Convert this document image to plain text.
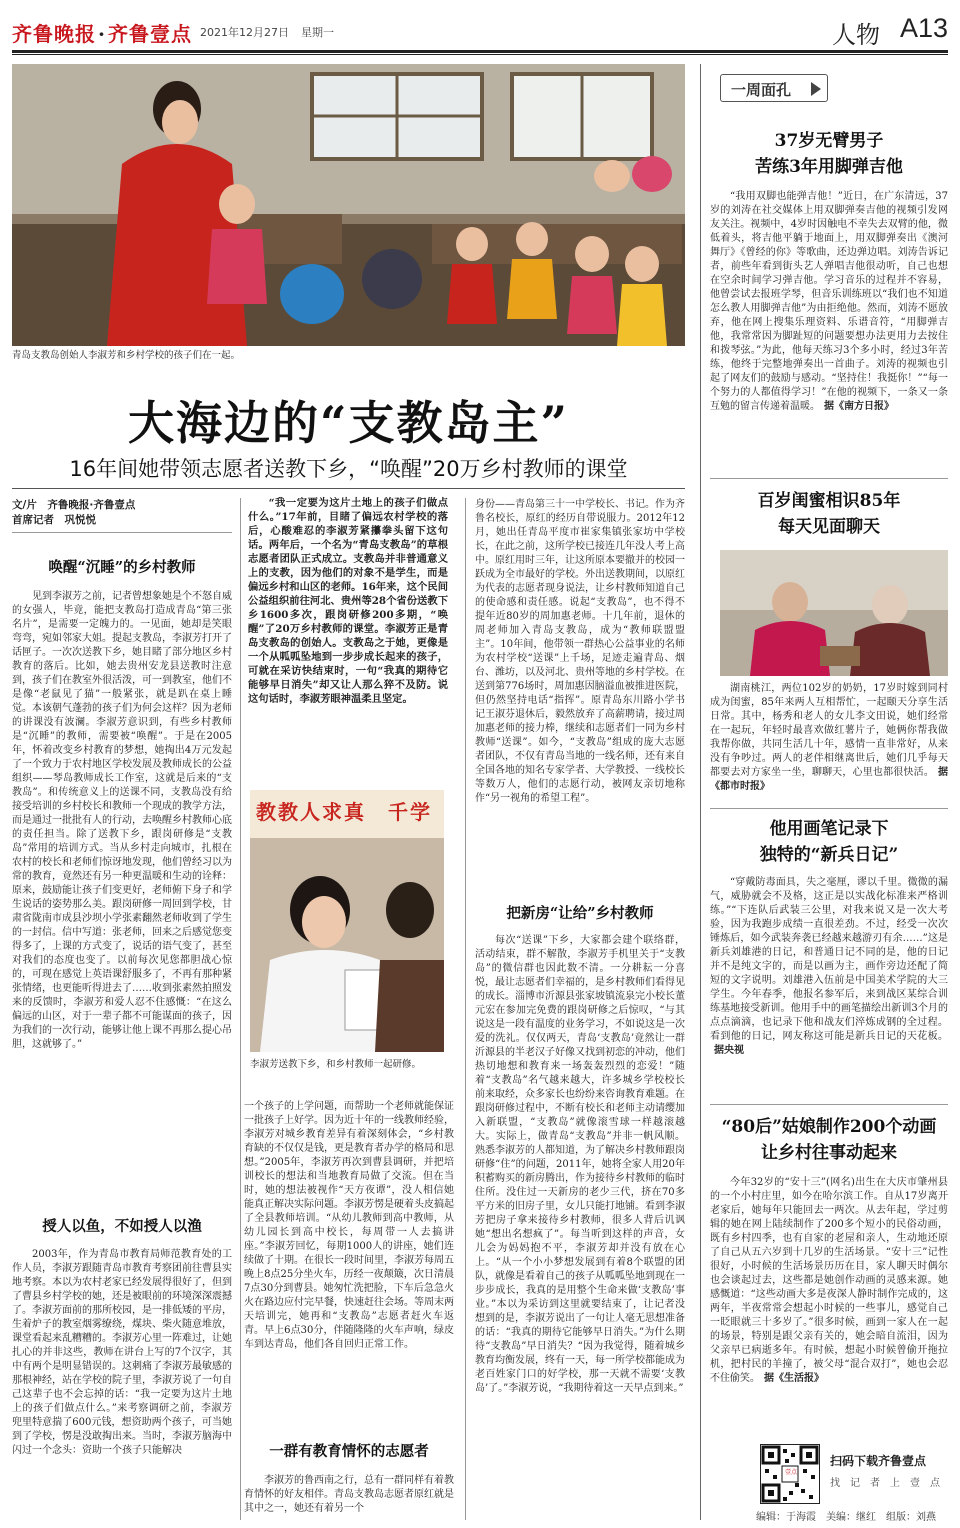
齐鲁晚报 · 齐鲁壹点 2021年12月27日 星期一	人物 A13
青岛支教岛创始人李淑芳和乡村学校的孩子们在一起。
大海边的“支教岛主”
16年间她带领志愿者送教下乡，“唤醒”20万乡村教师的课堂
文/片　齐鲁晚报·齐鲁壹点
首席记者　巩悦悦
唤醒“沉睡”的乡村教师

见到李淑芳之前，记者曾想象她是个不怒自威的女强人，毕竟，能把支教岛打造成青岛“第三张名片”，是需要一定魄力的。一见面，她却是笑眼弯弯，宛如邻家大姐。提起支教岛，李淑芳打开了话匣子。一次次送教下乡，她目睹了部分地区乡村教育的落后。比如，她去贵州安龙县送教时注意到，孩子们在教室外很活泼，可一到教室，他们不是像“老鼠见了猫”一般紧张，就是趴在桌上睡觉。本该朝气蓬勃的孩子们为何会这样？因为老师的讲课没有波澜。李淑芳意识到，有些乡村教师是“沉睡”的教师，需要被“唤醒”。于是在2005年，怀着改变乡村教育的梦想，她掏出4万元发起了一个致力于农村地区学校发展及教师成长的公益组织——琴岛教师成长工作室，这就是后来的“支教岛”。和传统意义上的送课不同，支教岛没有给接受培训的乡村校长和教师一个现成的教学方法，而是通过一批批有人的行动，去唤醒乡村教师心底的责任担当。除了送教下乡，跟岗研修是“支教岛”常用的培训方式。当从乡村走向城市，扎根在农村的校长和老师们惊讶地发现，他们曾经习以为常的教育，竟然还有另一种更温暖和生动的诠释：原来，鼓励能让孩子们变更好，老师俯下身子和学生说话的姿势那么美。跟岗研修一周回到学校，甘肃省陇南市成县沙坝小学张素翻然老师收到了学生的一封信。信中写道：张老师，回来之后感觉您变得多了，上课的方式变了，说话的语气变了，甚至对我们的态度也变了。以前每次见您都胆战心惊的，可现在感觉上英语课舒服多了，不再有那种紧张情绪，也更能听得进去了……收到张素然拍照发来的反馈时，李淑芳和爱人忍不住感慨：“在这么偏远的山区，对于一辈子都不可能谋面的孩子，因为我们的一次行动，能够让他上课不再那么提心吊胆，这就够了。”

授人以鱼，不如授人以渔

2003年，作为青岛市教育局师范教育处的工作人员，李淑芳跟随青岛市教育考察团前往曹县实地考察。本以为农村老家已经发展得很好了，但到了曹县乡村学校的她，还是被眼前的环境深深震撼了。李淑芳面前的那所校园，是一排低矮的平房，生着炉子的教室烟雾缭绕，煤块、柴火随意堆放，课堂看起来乱糟糟的。李淑芳心里一阵难过，让她扎心的并非这些，教师在讲台上写的7个汉字，其中有两个是明显错误的。这刺痛了李淑芳最敏感的那根神经，站在学校的院子里，李淑芳说了一句自己这辈子也不会忘掉的话：“我一定要为这片土地上的孩子们做点什么。”来考察调研之前，李淑芳兜里特意揣了600元钱，想资助两个孩子，可当她到了学校，愣是没敢掏出来。当时，李淑芳脑海中闪过一个念头：资助一个孩子只能解决

“我一定要为这片土地上的孩子们做点什么。”17年前，目睹了偏远农村学校的落后，心酸难忍的李淑芳紧攥拳头留下这句话。两年后，一个名为“青岛支教岛”的草根志愿者团队正式成立。支教岛并非普通意义上的支教，因为他们的对象不是学生，而是偏远乡村和山区的老师。16年来，这个民间公益组织前往河北、贵州等28个省份送教下乡1600多次，跟岗研修200多期，“唤醒”了20万乡村教师的课堂。李淑芳正是青岛支教岛的创始人。支教岛之于她，更像是一个从呱呱坠地到一步步成长起来的孩子，可就在采访快结束时，一句“我真的期待它能够早日消失”却又让人那么猝不及防。说这句话时，李淑芳眼神温柔且坚定。

教教人求真　千学
李淑芳送教下乡，和乡村教师一起研修。

一个孩子的上学问题，而帮助一个老师就能保证一批孩子上好学。因为近十年的一线教师经验，李淑芳对城乡教育差异有着深刻体会，“乡村教育缺的不仅仅是钱，更是教育者办学的格局和思想。”2005年，李淑芳再次到曹县调研，并把培训校长的想法和当地教育局做了交流。但在当时，她的想法被视作“天方夜谭”，没人相信她能真正解决实际问题。李淑芳愣是硬着头皮搞起了全县教师培训。“从幼儿教师到高中教师，从幼儿园长到高中校长，每周带一人去搞讲座。”李淑芳回忆，每期1000人的讲座，她们连续做了十期。在很长一段时间里，李淑芳每周五晚上8点25分坐火车，历经一夜颠簸，次日清晨7点30分到曹县。她匆忙洗把脸，下车后急急火火在路边应付完早餐，快速赶往会场。等周末两天培训完，她再和“支教岛”志愿者赶火车返青。早上6点30分，伴随隆隆的火车声响，绿皮车到达青岛，他们各自回归正常工作。

一群有教育情怀的志愿者

李淑芳的鲁西南之行，总有一群同样有着教育情怀的好友相伴。青岛支教岛志愿者原红就是其中之一，她还有着另一个

身份——青岛第三十一中学校长、书记。作为齐鲁名校长，原红的经历自带说服力。2012年12月，她出任青岛平度市崔家集镇张家坊中学校长，在此之前，这所学校已接连几年没人考上高中。原红用时三年，让这所原本要撤并的校园一跃成为全市最好的学校。外出送教期间，以原红为代表的志愿者现身说法，让乡村教师知道自己的使命感和责任感。说起“支教岛”，也不得不提年近80岁的周加惠老师。十几年前，退休的周老师加入青岛支教岛，成为“教师联盟盟主”。10年间，他带领一群热心公益事业的名师为农村学校“送课”上千场，足迹走遍青岛、烟台、潍坊，以及河北、贵州等地的乡村学校。在送到第776场时，周加惠因脑溢血被推进医院，但仍然坚持电话“指挥”。原青岛东川路小学书记王淑芬退休后，毅然放弃了高薪聘请，接过周加惠老师的接力棒，继续和志愿者们一同为乡村教师“送课”。如今，“支教岛”组成的庞大志愿者团队，不仅有青岛当地的一线名师，还有来自全国各地的知名专家学者、大学教授、一线校长等数万人，他们的志愿行动，被网友亲切地称作“另一视角的希望工程”。

把新房“让给”乡村教师

每次“送课”下乡，大家都会建个联络群，活动结束，群不解散，李淑芳手机里关于“支教岛”的微信群也因此数不清。一分耕耘一分喜悦，最让志愿者们幸福的，是乡村教师们看得见的成长。淄博市沂源县张家坡镇流泉完小校长董元宏在参加完免费的跟岗研修之后惊叹，“与其说这是一段有温度的业务学习，不如说这是一次爱的洗礼。仅仅两天，青岛‘支教岛’竟然让一群沂源县的半老汉子好像又找到初恋的冲动，他们热切地想和教育来一场轰轰烈烈的恋爱！”随着“支教岛”名气越来越大，许多城乡学校校长前来取经，众多家长也纷纷来咨询教育难题。在跟岗研修过程中，不断有校长和老师主动请缨加入新联盟，“支教岛”就像滚雪球一样越滚越大。实际上，做青岛“支教岛”并非一帆风顺。熟悉李淑芳的人都知道，为了解决乡村教师跟岗研修“住”的问题，2011年，她将全家人用20年积蓄购买的新房腾出，作为接待乡村教师的临时住所。没住过一天新房的老少三代，挤在70多平方米的旧房子里，女儿只能打地铺。看到李淑芳把房子拿来接待乡村教师，很多人背后讥讽她“想出名想疯了”。每当听到这样的声音，女儿会为妈妈抱不平，李淑芳却并没有放在心上。“从一个小小梦想发展到有着8个联盟的团队，就像是看着自己的孩子从呱呱坠地到现在一步步成长，我真的是用整个生命来做‘支教岛’事业。”本以为采访到这里就要结束了，让记者没想到的是，李淑芳说出了一句让人毫无思想准备的话：“我真的期待它能够早日消失。”为什么期待“支教岛”早日消失？“因为我觉得，随着城乡教育均衡发展，终有一天，每一所学校都能成为老百姓家门口的好学校，那一天就不需要‘支教岛’了。”李淑芳说，“我期待着这一天早点到来。”

一周面孔
37岁无臂男子
苦练3年用脚弹吉他

“我用双脚也能弹吉他！”近日，在广东清远，37岁的刘涛在社交媒体上用双脚弹奏吉他的视频引发网友关注。视频中，4岁时因触电不幸失去双臂的他，微低着头，将吉他平躺于地面上，用双脚弹奏出《澳河舞厅》《曾经的你》等歌曲，还边弹边唱。刘涛告诉记者，前些年看到街头艺人弹唱吉他很动听，自己也想在空余时间学习弹吉他。学习音乐的过程并不容易，他曾尝试去报班学琴，但音乐训练班以“我们也不知道怎么教人用脚弹吉他”为由拒绝他。然而，刘涛不愿放弃，他在网上搜集乐理资料、乐谱音符，“用脚弹吉他，我常常因为脚趾短的问题要想办法更用力去按住和拨琴弦。”为此，他每天练习3个多小时，经过3年苦练，他终于完整地弹奏出一首曲子。刘涛的视频也引起了网友们的鼓励与感动。“坚持住！我挺你！”“每一个努力的人都值得学习！”在他的视频下，一条又一条互勉的留言传递着温暖。 据《南方日报》

百岁闺蜜相识85年
每天见面聊天

湖南桃江，两位102岁的奶奶，17岁时嫁到同村成为闺蜜，85年来两人互相帮忙，一起颐天分享生活日常。其中，杨秀和老人的女儿李文田说，她们经常在一起玩，年轻时最喜欢做红薯片子，她俩你帮我做我帮你做，共同生活几十年，感情一直非常好，从来没有争吵过。两人的老伴相继离世后，她们几乎每天都要去对方家坐一坐，聊聊天，心里也都很快活。 据《都市时报》

他用画笔记录下
独特的“新兵日记”

“穿戴防毒面具，失之毫厘，谬以千里。微微的漏气，威胁就会不及格，这正是以实战化标准来严格训练。”“下连队后武装三公里，对我来说又是一次大考验，因为我跑步成绩一直很差劲。不过，经受一次次锤炼后，如今武装奔袭已经越来越游刃有余……”这是新兵刘雄港的日记，和普通日记不同的是，他的日记并不是纯文字的，而是以画为主，画作旁边还配了简短的文字说明。刘雄港入伍前是中国美术学院的大三学生。今年春季，他报名参军后，来到战区某综合训练基地接受新训。他用手中的画笔描绘出新训3个月的点点滴滴，也记录下他和战友们淬炼成钢的全过程。看到他的日记，网友称这可能是新兵日记的天花板。据央视

“80后”姑娘制作200个动画
让乡村往事动起来

今年32岁的“安十三”(网名)出生在大庆市肇州县的一个小村庄里，如今在哈尔滨工作。自从17岁离开老家后，她每年只能回去一两次。从去年起，学过剪辑的她在网上陆续制作了200多个短小的民俗动画，既有乡村四季，也有自家的老屋和亲人，生动地还原了自己从五六岁到十几岁的生活场景。“安十三”记性很好，小时候的生活场景历历在目，家人聊天时偶尔也会谈起过去，这些都是她创作动画的灵感来源。她感慨道：“这些动画大多是夜深人静时制作完成的，这两年，半夜常常会想起小时候的一些事儿，感觉自己一眨眼就三十多岁了。”很多时候，画到一家人在一起的场景，特别是跟父亲有关的，她会暗自流泪，因为父亲早已病逝多年。有时候，想起小时候曾偷开拖拉机，把村民的羊撞了，被父母“混合双打”，她也会忍不住偷笑。 据《生活报》

壹点
扫码下载齐鲁壹点
找　记　者　上　壹　点
编辑：于海霞　美编：继红　组版：刘燕
